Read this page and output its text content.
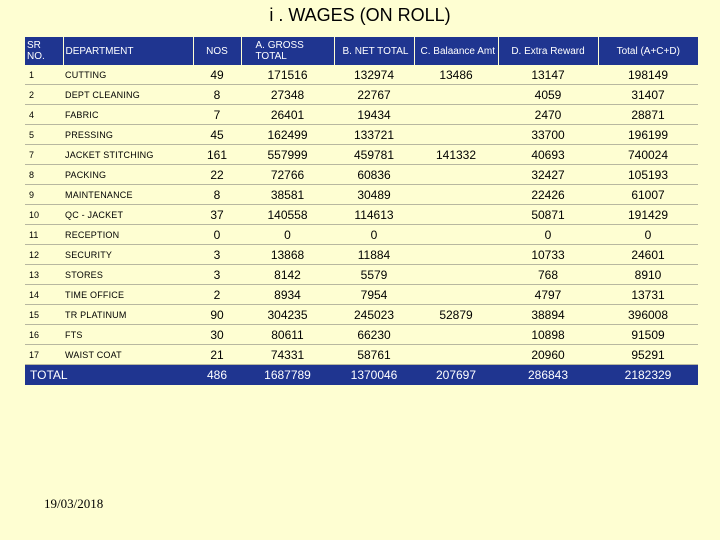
i . WAGES (ON ROLL)
SR NO.	DEPARTMENT	NOS	A. GROSS TOTAL	B. NET TOTAL	C. Balaance Amt	D. Extra Reward	Total (A+C+D)
1	CUTTING	49	171516	132974	13486	13147	198149
2	DEPT CLEANING	8	27348	22767		4059	31407
4	FABRIC	7	26401	19434		2470	28871
5	PRESSING	45	162499	133721		33700	196199
7	JACKET STITCHING	161	557999	459781	141332	40693	740024
8	PACKING	22	72766	60836		32427	105193
9	MAINTENANCE	8	38581	30489		22426	61007
10	QC - JACKET	37	140558	114613		50871	191429
11	RECEPTION	0	0	0		0	0
12	SECURITY	3	13868	11884		10733	24601
13	STORES	3	8142	5579		768	8910
14	TIME OFFICE	2	8934	7954		4797	13731
15	TR PLATINUM	90	304235	245023	52879	38894	396008
16	FTS	30	80611	66230		10898	91509
17	WAIST COAT	21	74331	58761		20960	95291
TOTAL		486	1687789	1370046	207697	286843	2182329
19/03/2018
